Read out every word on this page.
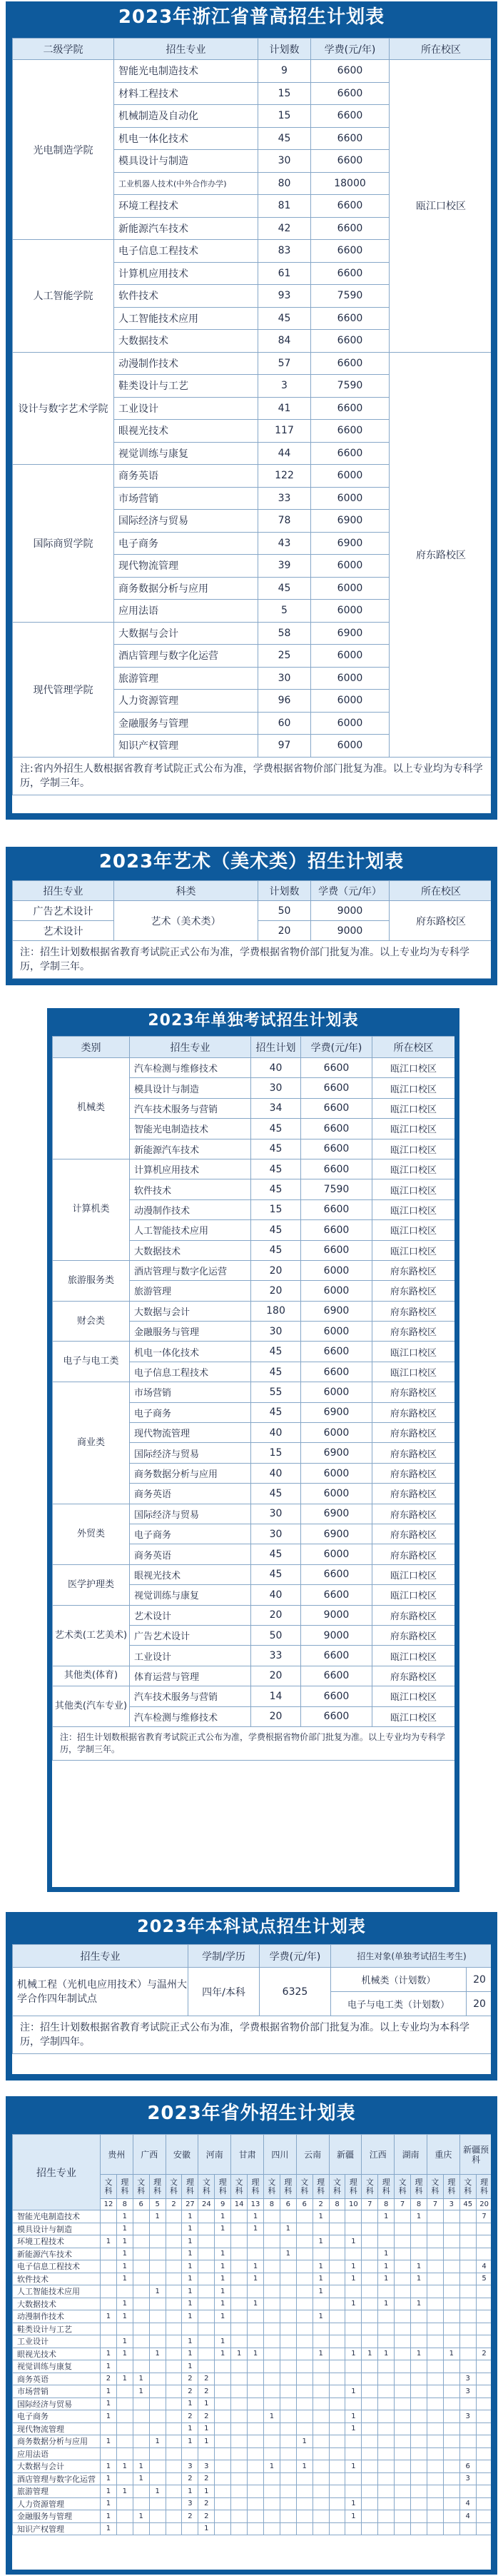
2023年浙江省普高招生计划表
二级学院	招生专业	计划数	学费(元/年)	所在校区
光电制造学院	智能光电制造技术	9	6600	瓯江口校区
	材料工程技术	15	6600	
	机械制造及自动化	15	6600	
	机电一体化技术	45	6600	
	模具设计与制造	30	6600	
	工业机器人技术(中外合作办学)	80	18000	
	环境工程技术	81	6600	
	新能源汽车技术	42	6600	
人工智能学院	电子信息工程技术	83	6600	
	计算机应用技术	61	6600	
	软件技术	93	7590	
	人工智能技术应用	45	6600	
	大数据技术	84	6600	
设计与数字艺术学院	动漫制作技术	57	6600	府东路校区
	鞋类设计与工艺	3	7590	
	工业设计	41	6600	
	眼视光技术	117	6600	
	视觉训练与康复	44	6600	
国际商贸学院	商务英语	122	6000	
	市场营销	33	6000	
	国际经济与贸易	78	6900	
	电子商务	43	6900	
	现代物流管理	39	6000	
	商务数据分析与应用	45	6000	
	应用法语	5	6000	
现代管理学院	大数据与会计	58	6900	
	酒店管理与数字化运营	25	6000	
	旅游管理	30	6000	
	人力资源管理	96	6000	
	金融服务与管理	60	6000	
	知识产权管理	97	6000	
注:省内外招生人数根据省教育考试院正式公布为准，学费根据省物价部门批复为准。以上专业均为专科学历，学制三年。				
2023年艺术（美术类）招生计划表
招生专业	科类	计划数	学费（元/年）	所在校区
广告艺术设计	艺术（美术类）	50	9000	府东路校区
艺术设计		20	9000	
注：招生计划数根据省教育考试院正式公布为准，学费根据省物价部门批复为准。以上专业均为专科学历，学制三年。				
2023年单独考试招生计划表
类别	招生专业	招生计划	学费(元/年)	所在校区
机械类	汽车检测与维修技术	40	6600	瓯江口校区
	模具设计与制造	30	6600	瓯江口校区
	汽车技术服务与营销	34	6600	瓯江口校区
	智能光电制造技术	45	6600	瓯江口校区
	新能源汽车技术	45	6600	瓯江口校区
计算机类	计算机应用技术	45	6600	瓯江口校区
	软件技术	45	7590	瓯江口校区
	动漫制作技术	15	6600	瓯江口校区
	人工智能技术应用	45	6600	瓯江口校区
	大数据技术	45	6600	瓯江口校区
旅游服务类	酒店管理与数字化运营	20	6000	府东路校区
	旅游管理	20	6000	府东路校区
财会类	大数据与会计	180	6900	府东路校区
	金融服务与管理	30	6000	府东路校区
电子与电工类	机电一体化技术	45	6600	瓯江口校区
	电子信息工程技术	45	6600	瓯江口校区
商业类	市场营销	55	6000	府东路校区
	电子商务	45	6900	府东路校区
	现代物流管理	40	6000	府东路校区
	国际经济与贸易	15	6900	府东路校区
	商务数据分析与应用	40	6000	府东路校区
	商务英语	45	6000	府东路校区
外贸类	国际经济与贸易	30	6900	府东路校区
	电子商务	30	6900	府东路校区
	商务英语	45	6000	府东路校区
医学护理类	眼视光技术	45	6600	瓯江口校区
	视觉训练与康复	40	6600	瓯江口校区
艺术类(工艺美术)	艺术设计	20	9000	府东路校区
	广告艺术设计	50	9000	府东路校区
	工业设计	33	6600	瓯江口校区
其他类(体育)	体育运营与管理	20	6600	府东路校区
其他类(汽车专业)	汽车技术服务与营销	14	6600	瓯江口校区
	汽车检测与维修技术	20	6600	瓯江口校区
注：招生计划数根据省教育考试院正式公布为准，学费根据省物价部门批复为准。以上专业均为专科学历，学制三年。				
2023年本科试点招生计划表
招生专业	学制/学历	学费(元/年)	招生对象(单独考试招生考生)	
机械工程（光机电应用技术）与温州大学合作四年制试点	四年/本科	6325	机械类（计划数）	20
			电子与电工类（计划数）	20
注：招生计划数根据省教育考试院正式公布为准，学费根据省物价部门批复为准。以上专业均为本科学历，学制四年。				
2023年省外招生计划表
招生专业	贵州		广西		安徽		河南		甘肃		四川		云南		新疆		江西		湖南		重庆		新疆预科	
	文科	理科	文科	理科	文科	理科	文科	理科	文科	理科	文科	理科	文科	理科	文科	理科	文科	理科	文科	理科	文科	理科	文科	理科
	12	8	6	5	2	27	24	9	14	13	8	6	6	2	8	10	7	8	7	8	7	3	45	20
智能光电制造技术		1		1		1		1		1				1				1		1				7
模具设计与制造		1				1		1		1		1												
环境工程技术	1	1				1								1		1								
新能源汽车技术		1				1		1				1						1						
电子信息工程技术		1				1		1		1				1		1		1		1				4
软件技术		1				1		1		1				1		1		1		1				5
人工智能技术应用				1		1		1						1										
大数据技术		1				1		1		1						1		1		1				
动漫制作技术	1	1				1		1						1										
鞋类设计与工艺																								
工业设计		1				1		1																
眼视光技术	1	1		1		1		1	1	1				1		1	1	1		1		1		2
视觉训练与康复	1					1																		
商务英语	2	1	1			2	2																3	
市场营销	1		1			2	2									1							3	
国际经济与贸易	1					1	1																	
电子商务	1					2	2				1					1							3	
现代物流管理						1	1									1								
商务数据分析与应用	1			1		1	1						1											
应用法语																								
大数据与会计	1	1	1			3	3				1		1			1							6	
酒店管理与数字化运营	1		1			2	2																3	
旅游管理	1	1		1		1	1																	
人力资源管理	1					3	2									1							4	
金融服务与管理	1		1			2	2									1							4	
知识产权管理	1						1																	
